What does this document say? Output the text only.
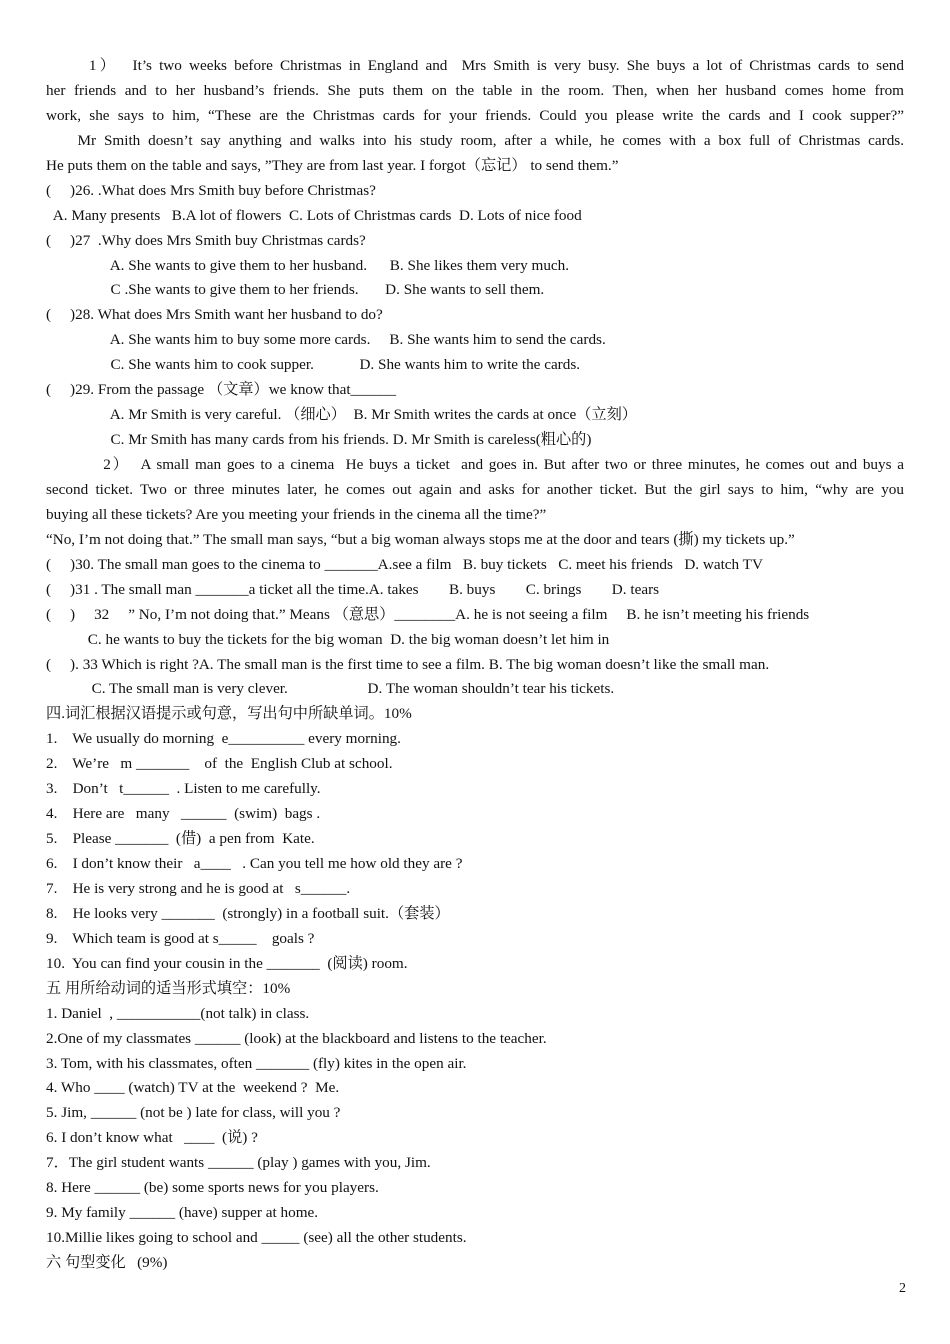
1）  It’s two weeks before Christmas in England and  Mrs Smith is very busy. She buys a lot of Christmas cards to send
her friends and to her husband’s friends. She puts them on the table in the room. Then, when her husband comes home from
work, she says to him, “These are the Christmas cards for your friends. Could you please write the cards and I cook supper?”
Mr Smith doesn’t say anything and walks into his study room, after a while, he comes with a box full of Christmas cards.
He puts them on the table and says, ”They are from last year. I forgot（忘记） to send them.”
(     )26. .What does Mrs Smith buy before Christmas?
A. Many presents   B.A lot of flowers  C. Lots of Christmas cards  D. Lots of nice food
(     )27  .Why does Mrs Smith buy Christmas cards?
A. She wants to give them to her husband.      B. She likes them very much.
C .She wants to give them to her friends.       D. She wants to sell them.
(     )28. What does Mrs Smith want her husband to do?
A. She wants him to buy some more cards.     B. She wants him to send the cards.
C. She wants him to cook supper.            D. She wants him to write the cards.
(     )29. From the passage （文章）we know that______
A. Mr Smith is very careful. （细心）  B. Mr Smith writes the cards at once（立刻）
C. Mr Smith has many cards from his friends. D. Mr Smith is careless(粗心的)
2）  A small man goes to a cinema  He buys a ticket  and goes in. But after two or three minutes, he comes out and buys a
second ticket. Two or three minutes later, he comes out again and asks for another ticket. But the girl says to him, “why are you
buying all these tickets? Are you meeting your friends in the cinema all the time?”
“No, I’m not doing that.” The small man says, “but a big woman always stops me at the door and tears (撕) my tickets up.”
(     )30. The small man goes to the cinema to _______A.see a film   B. buy tickets   C. meet his friends   D. watch TV
(     )31 . The small man _______a ticket all the time.A. takes        B. buys        C. brings        D. tears
(     )     32     ” No, I’m not doing that.” Means （意思）________A. he is not seeing a film     B. he isn’t meeting his friends
C. he wants to buy the tickets for the big woman  D. the big woman doesn’t let him in
(     ). 33 Which is right ?A. The small man is the first time to see a film. B. The big woman doesn’t like the small man.
C. The small man is very clever.                     D. The woman shouldn’t tear his tickets.
四.词汇根据汉语提示或句意，写出句中所缺单词。10%
1.    We usually do morning  e__________ every morning.
2.    We’re   m _______    of  the  English Club at school.
3.    Don’t   t______  . Listen to me carefully.
4.    Here are   many   ______  (swim)  bags .
5.    Please _______  (借)  a pen from  Kate.
6.    I don’t know their   a____   . Can you tell me how old they are ?
7.    He is very strong and he is good at   s______.
8.    He looks very _______  (strongly) in a football suit.（套装）
9.    Which team is good at s_____    goals ?
10.  You can find your cousin in the _______  (阅读) room.
五 用所给动词的适当形式填空：10%
1. Daniel  , ___________(not talk) in class.
2.One of my classmates ______ (look) at the blackboard and listens to the teacher.
3. Tom, with his classmates, often _______ (fly) kites in the open air.
4. Who ____ (watch) TV at the  weekend ?  Me.
5. Jim, ______ (not be ) late for class, will you ?
6. I don’t know what   ____  (说) ?
7．The girl student wants ______ (play ) games with you, Jim.
8. Here ______ (be) some sports news for you players.
9. My family ______ (have) supper at home.
10.Millie likes going to school and _____ (see) all the other students.
六 句型变化   (9%)
2
